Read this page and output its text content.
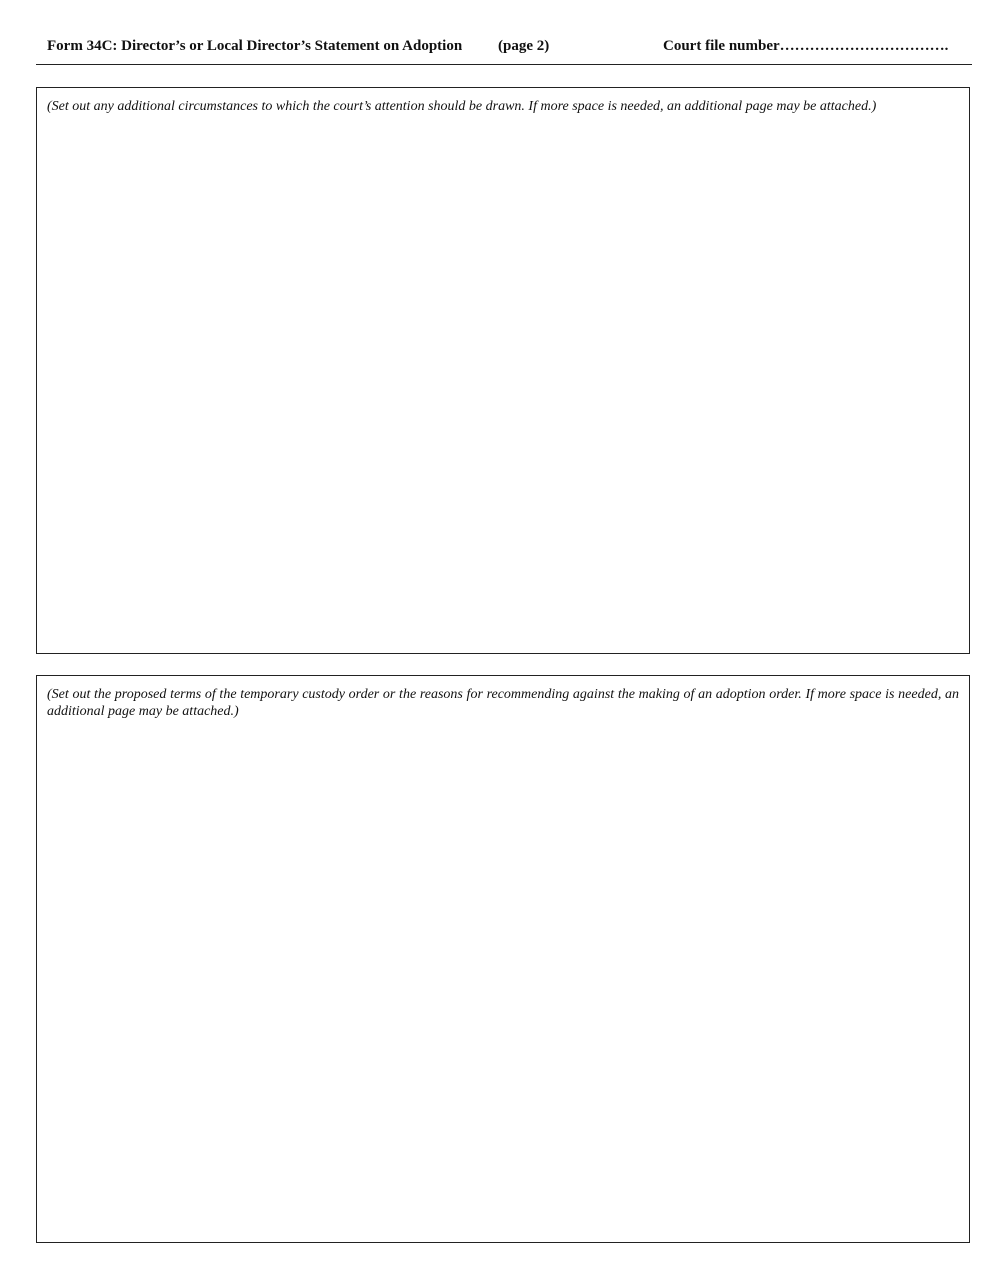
Form 34C: Director’s or Local Director’s Statement on Adoption (page 2)	Court file number…………………………….
(Set out any additional circumstances to which the court’s attention should be drawn. If more space is needed, an additional page may be attached.)
(Set out the proposed terms of the temporary custody order or the reasons for recommending against the making of an adoption order. If more space is needed, an additional page may be attached.)
